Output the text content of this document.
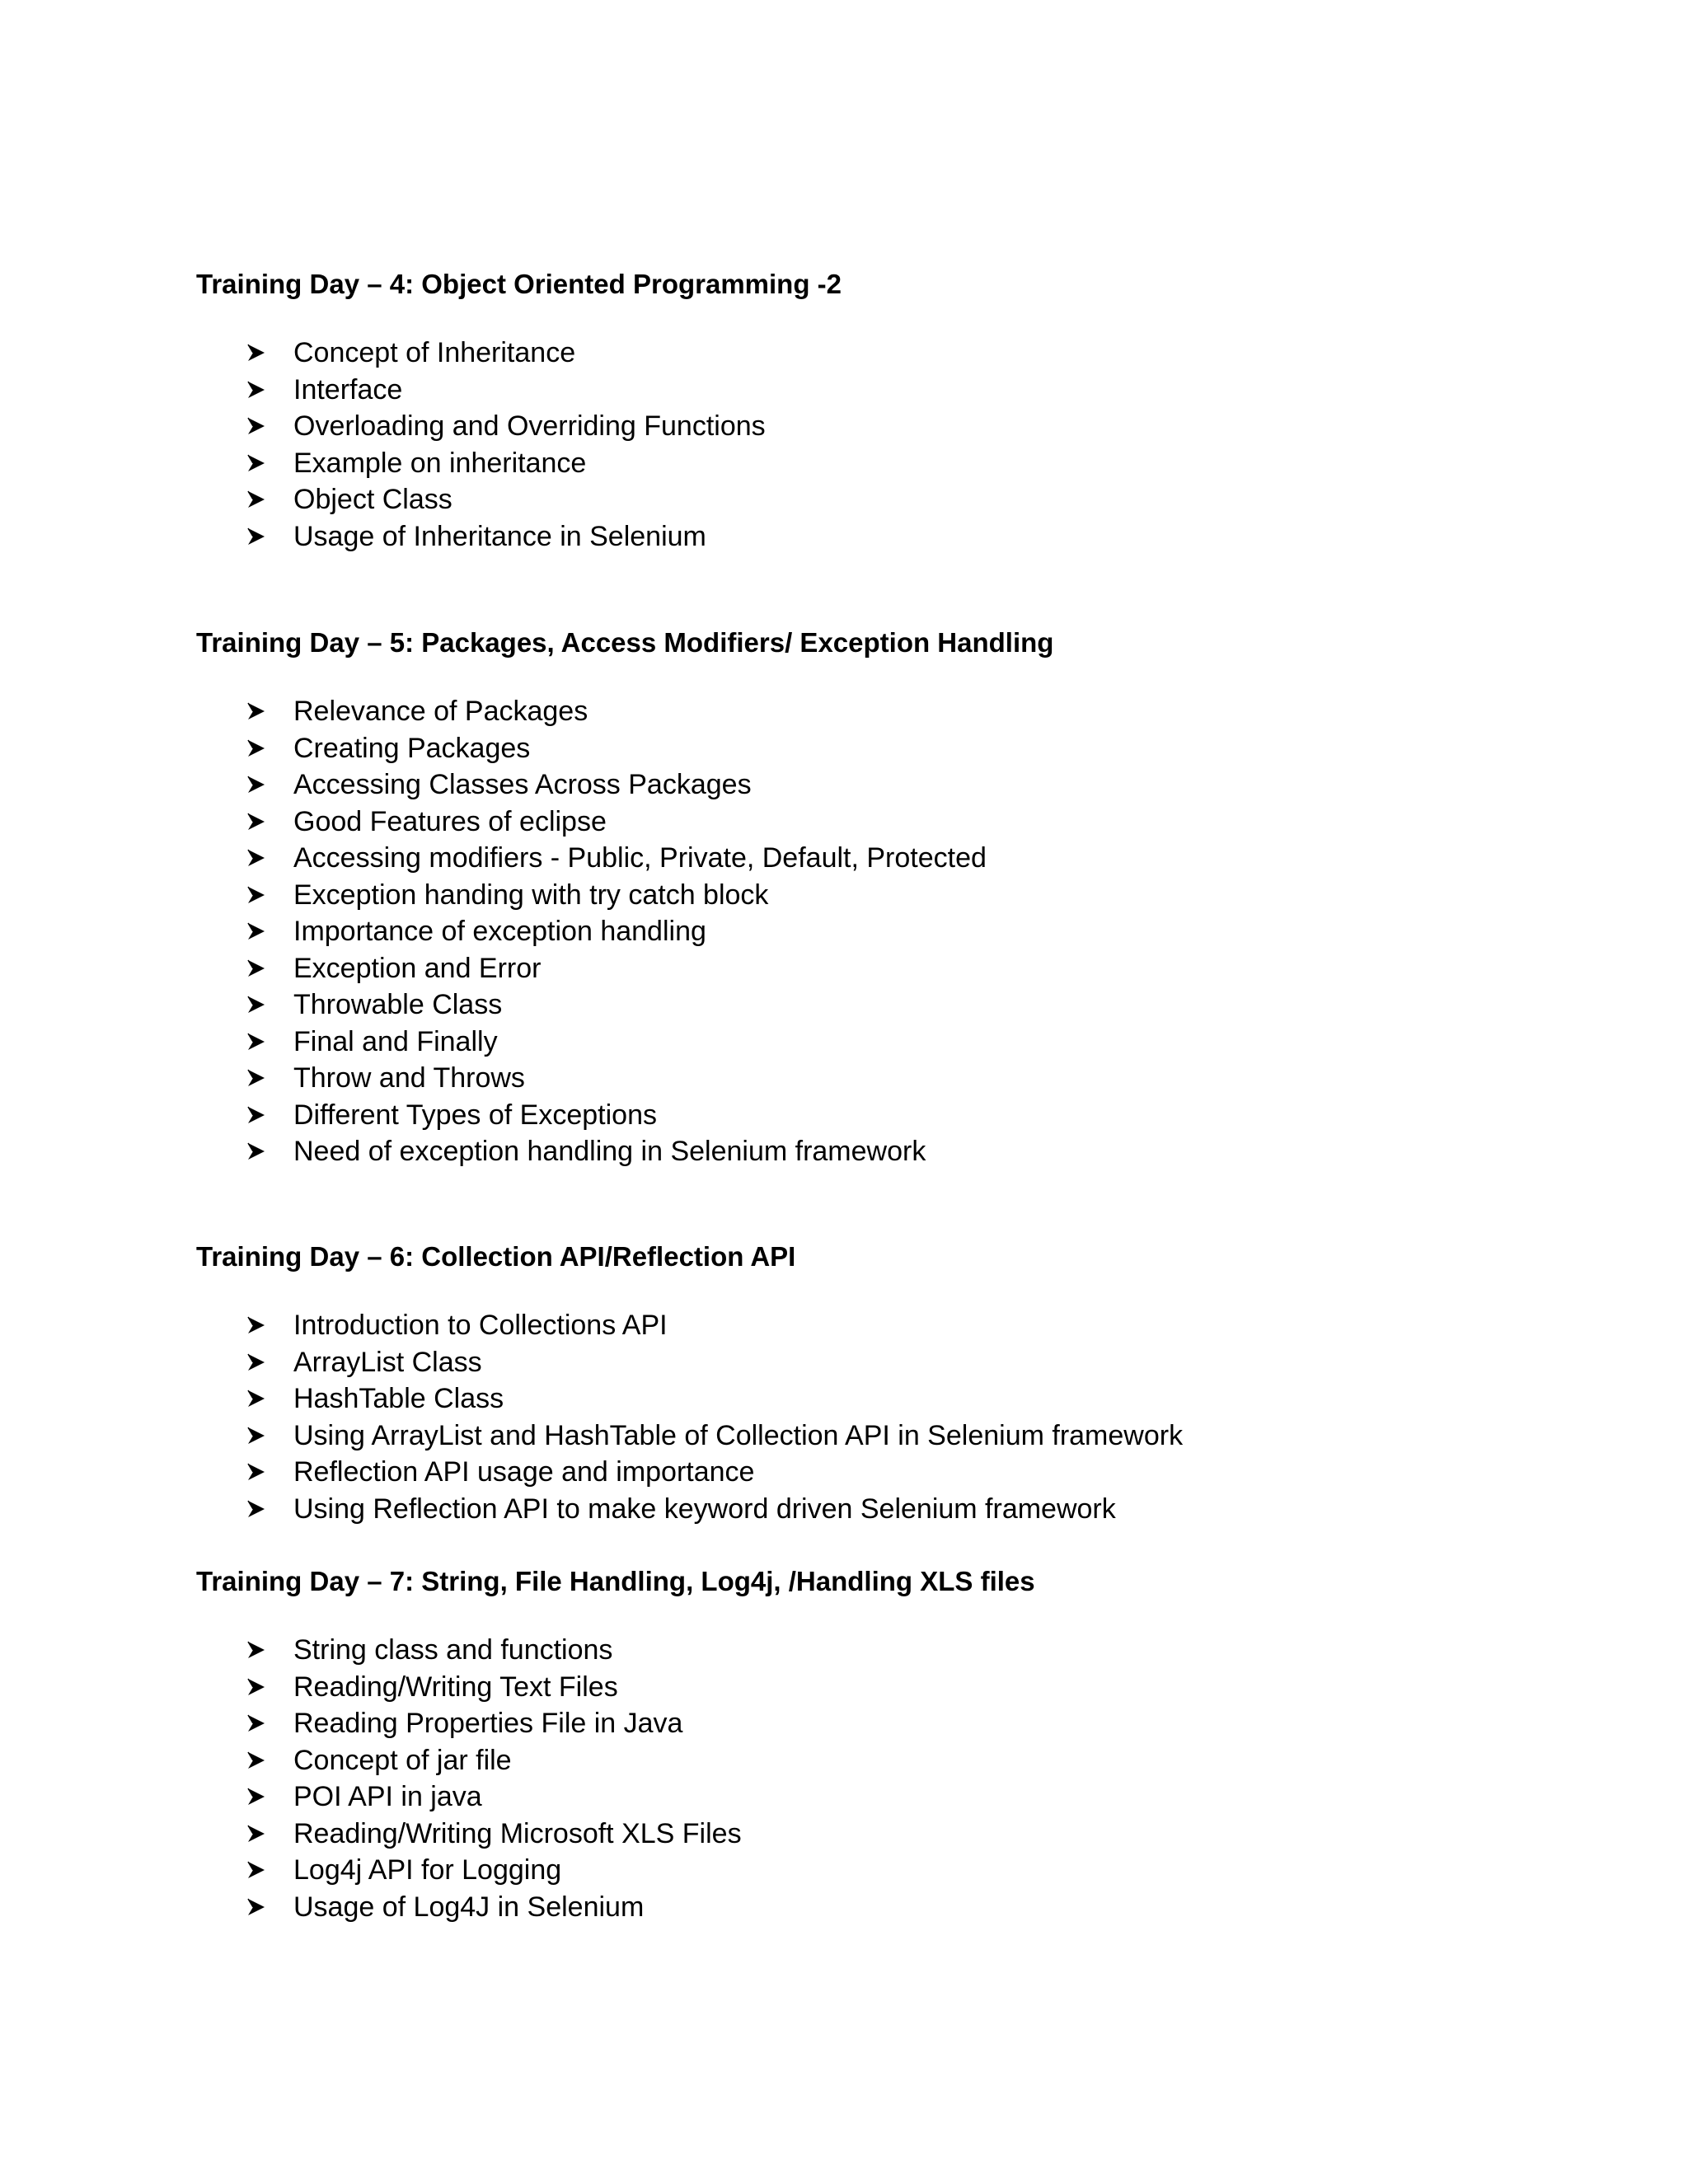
Training Day – 4: Object Oriented Programming -2
Concept of Inheritance
Interface
Overloading and Overriding Functions
Example on inheritance
Object Class
Usage of Inheritance in Selenium
Training Day – 5: Packages, Access Modifiers/ Exception Handling
Relevance of Packages
Creating Packages
Accessing Classes Across Packages
Good Features of eclipse
Accessing modifiers - Public, Private, Default, Protected
Exception handing with try catch block
Importance of exception handling
Exception and Error
Throwable Class
Final and Finally
Throw and Throws
Different Types of Exceptions
Need of exception handling in Selenium framework
Training Day – 6: Collection API/Reflection API
Introduction to Collections API
ArrayList Class
HashTable Class
Using ArrayList and HashTable of Collection API in Selenium framework
Reflection API usage and importance
Using Reflection API to make keyword driven Selenium framework
Training Day – 7: String, File Handling, Log4j, /Handling XLS files
String class and functions
Reading/Writing Text Files
Reading Properties File in Java
Concept of jar file
POI API in java
Reading/Writing Microsoft XLS Files
Log4j API for Logging
Usage of Log4J in Selenium
